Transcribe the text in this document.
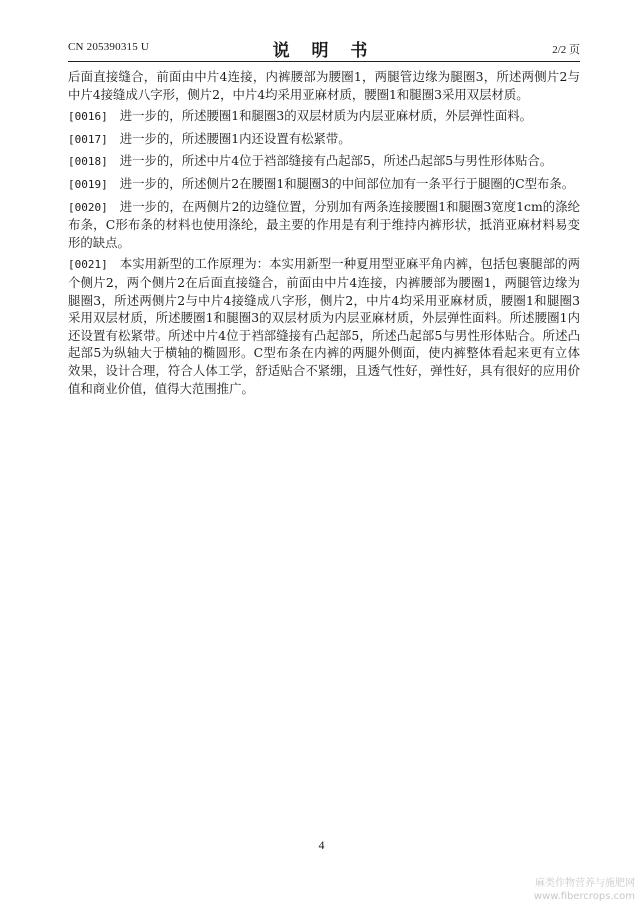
CN 205390315 U	说 明 书	2/2 页

后面直接缝合，前面由中片4连接，内裤腰部为腰圈1，两腿管边缘为腿圈3，所述两侧片2与中片4接缝成八字形，侧片2，中片4均采用亚麻材质，腰圈1和腿圈3采用双层材质。

[0016] 进一步的，所述腰圈1和腿圈3的双层材质为内层亚麻材质，外层弹性面料。

[0017] 进一步的，所述腰圈1内还设置有松紧带。

[0018] 进一步的，所述中片4位于裆部缝接有凸起部5，所述凸起部5与男性形体贴合。

[0019] 进一步的，所述侧片2在腰圈1和腿圈3的中间部位加有一条平行于腿圈的C型布条。

[0020] 进一步的，在两侧片2的边缝位置，分别加有两条连接腰圈1和腿圈3宽度1cm的涤纶布条，C形布条的材料也使用涤纶，最主要的作用是有利于维持内裤形状，抵消亚麻材料易变形的缺点。

[0021] 本实用新型的工作原理为：本实用新型一种夏用型亚麻平角内裤，包括包裹腿部的两个侧片2，两个侧片2在后面直接缝合，前面由中片4连接，内裤腰部为腰圈1，两腿管边缘为腿圈3，所述两侧片2与中片4接缝成八字形，侧片2，中片4均采用亚麻材质，腰圈1和腿圈3采用双层材质，所述腰圈1和腿圈3的双层材质为内层亚麻材质，外层弹性面料。所述腰圈1内还设置有松紧带。所述中片4位于裆部缝接有凸起部5，所述凸起部5与男性形体贴合。所述凸起部5为纵轴大于横轴的椭圆形。C型布条在内裤的两腿外侧面，使内裤整体看起来更有立体效果，设计合理，符合人体工学，舒适贴合不紧绷，且透气性好，弹性好，具有很好的应用价值和商业价值，值得大范围推广。

4
麻类作物营养与施肥网
www.fibercrops.com
